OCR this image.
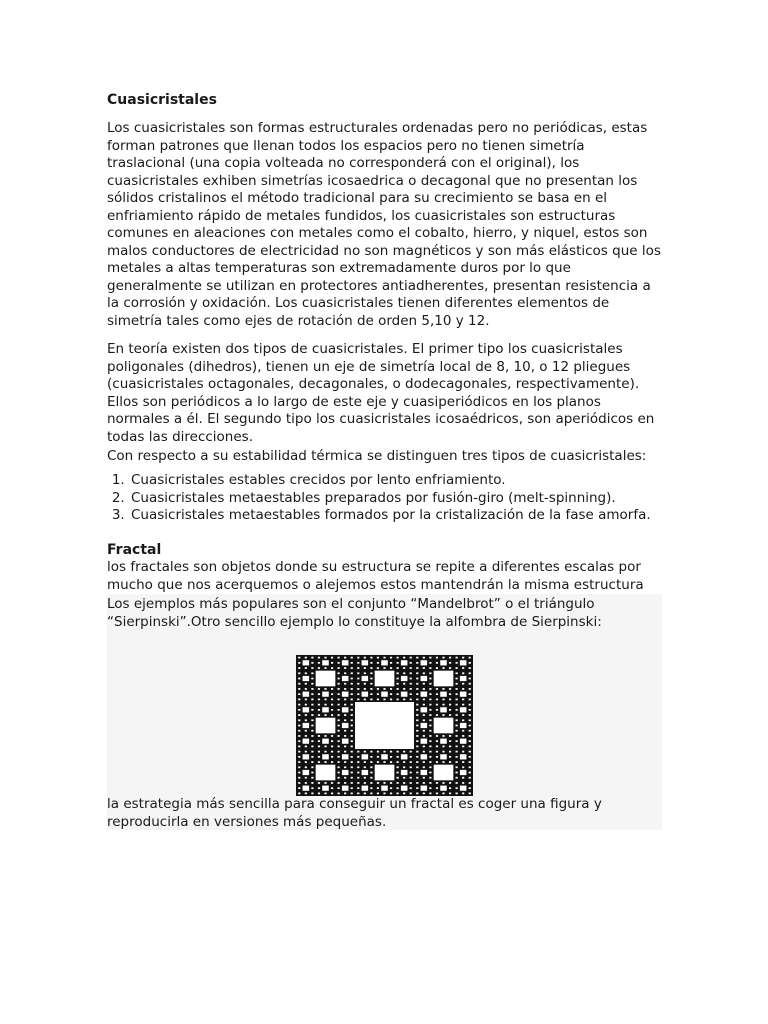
Cuasicristales

Los cuasicristales son formas estructurales ordenadas pero no periódicas, estas forman patrones que llenan todos los espacios pero no tienen simetría traslacional (una copia volteada no corresponderá con el original), los cuasicristales exhiben simetrías icosaedrica o decagonal que no presentan los sólidos cristalinos el método tradicional para su crecimiento se basa en el enfriamiento rápido de metales fundidos, los cuasicristales son estructuras comunes en aleaciones con metales como el cobalto, hierro, y niquel, estos son malos conductores de electricidad no son magnéticos y son más elásticos que los metales a altas temperaturas son extremadamente duros por lo que generalmente se utilizan en protectores antiadherentes, presentan resistencia a la corrosión y oxidación. Los cuasicristales tienen diferentes elementos de simetría tales como ejes de rotación de orden 5,10 y 12.

En teoría existen dos tipos de cuasicristales. El primer tipo los cuasicristales poligonales (dihedros), tienen un eje de simetría local de 8, 10, o 12 pliegues (cuasicristales octagonales, decagonales, o dodecagonales, respectivamente). Ellos son periódicos a lo largo de este eje y cuasiperiódicos en los planos normales a él. El segundo tipo los cuasicristales icosaédricos, son aperiódicos en todas las direcciones.

Con respecto a su estabilidad térmica se distinguen tres tipos de cuasicristales:

1. Cuasicristales estables crecidos por lento enfriamiento.
2. Cuasicristales metaestables preparados por fusión-giro (melt-spinning).
3. Cuasicristales metaestables formados por la cristalización de la fase amorfa.
Fractal

los fractales son objetos donde su estructura se repite a diferentes escalas por mucho que nos acerquemos o alejemos estos mantendrán la misma estructura

Los ejemplos más populares son el conjunto “Mandelbrot” o el triángulo “Sierpinski”.Otro sencillo ejemplo lo constituye la alfombra de Sierpinski:

la estrategia más sencilla para conseguir un fractal es coger una figura y reproducirla en versiones más pequeñas.
